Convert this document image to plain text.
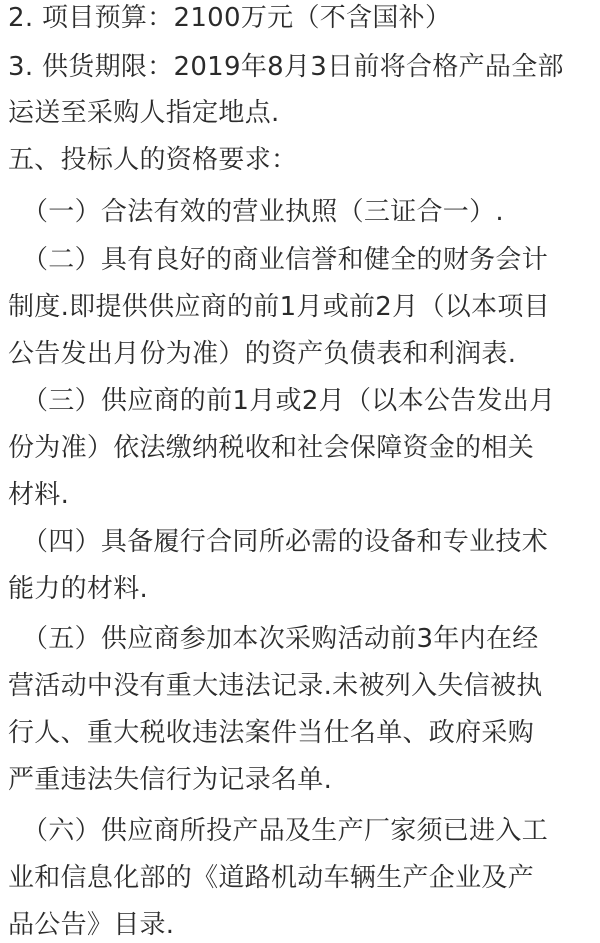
2. 项目预算：2100万元（不含国补）
3. 供货期限：2019年8月3日前将合格产品全部
运送至采购人指定地点.
五、投标人的资格要求：
（一）合法有效的营业执照（三证合一）.
（二）具有良好的商业信誉和健全的财务会计
制度.即提供供应商的前1月或前2月（以本项目
公告发出月份为准）的资产负债表和利润表.
（三）供应商的前1月或2月（以本公告发出月
份为准）依法缴纳税收和社会保障资金的相关
材料.
（四）具备履行合同所必需的设备和专业技术
能力的材料.
（五）供应商参加本次采购活动前3年内在经
营活动中没有重大违法记录.未被列入失信被执
行人、重大税收违法案件当仕名单、政府采购
严重违法失信行为记录名单.
（六）供应商所投产品及生产厂家须已进入工
业和信息化部的《道路机动车辆生产企业及产
品公告》目录.
